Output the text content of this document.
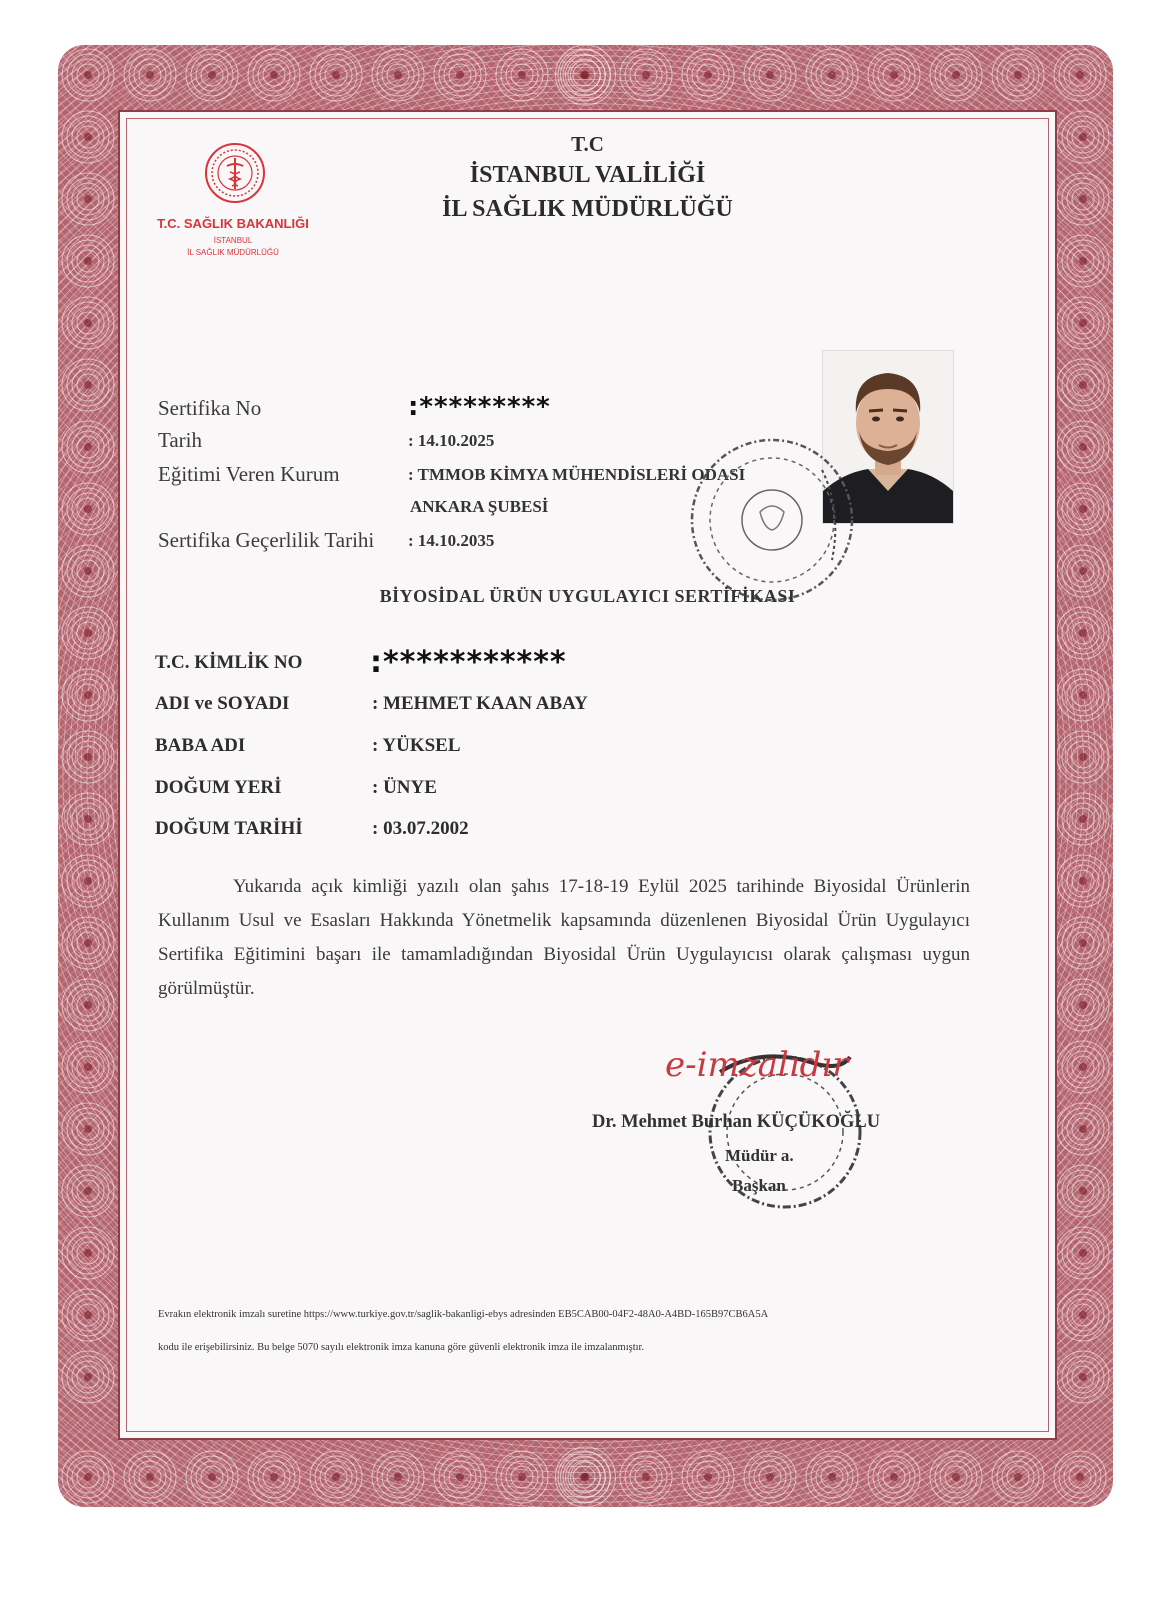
T.C. SAĞLIK BAKANLIĞI
İSTANBUL
İL SAĞLIK MÜDÜRLÜĞÜ
T.C
İSTANBUL VALİLİĞİ
İL SAĞLIK MÜDÜRLÜĞÜ
Sertifika No	:*********
Tarih	: 14.10.2025
Eğitimi Veren Kurum	: TMMOB KİMYA MÜHENDİSLERİ ODASI
ANKARA ŞUBESİ
Sertifika Geçerlilik Tarihi : 14.10.2035
BİYOSİDAL ÜRÜN UYGULAYICI SERTİFİKASI
T.C. KİMLİK NO :***********
ADI ve SOYADI	: MEHMET KAAN ABAY
BABA ADI	: YÜKSEL
DOĞUM YERİ	: ÜNYE
DOĞUM TARİHİ	: 03.07.2002
Yukarıda açık kimliği yazılı olan şahıs 17-18-19 Eylül 2025 tarihinde Biyosidal Ürünlerin Kullanım Usul ve Esasları Hakkında Yönetmelik kapsamında düzenlenen Biyosidal Ürün Uygulayıcı Sertifika Eğitimini başarı ile tamamladığından Biyosidal Ürün Uygulayıcısı olarak çalışması uygun görülmüştür.
e-imzalıdır
Dr. Mehmet Burhan KÜÇÜKOĞLU
Müdür a.
Başkan
Evrakın elektronik imzalı suretine https://www.turkiye.gov.tr/saglik-bakanligi-ebys adresinden EB5CAB00-04F2-48A0-A4BD-165B97CB6A5A
kodu ile erişebilirsiniz. Bu belge 5070 sayılı elektronik imza kanuna göre güvenli elektronik imza ile imzalanmıştır.
